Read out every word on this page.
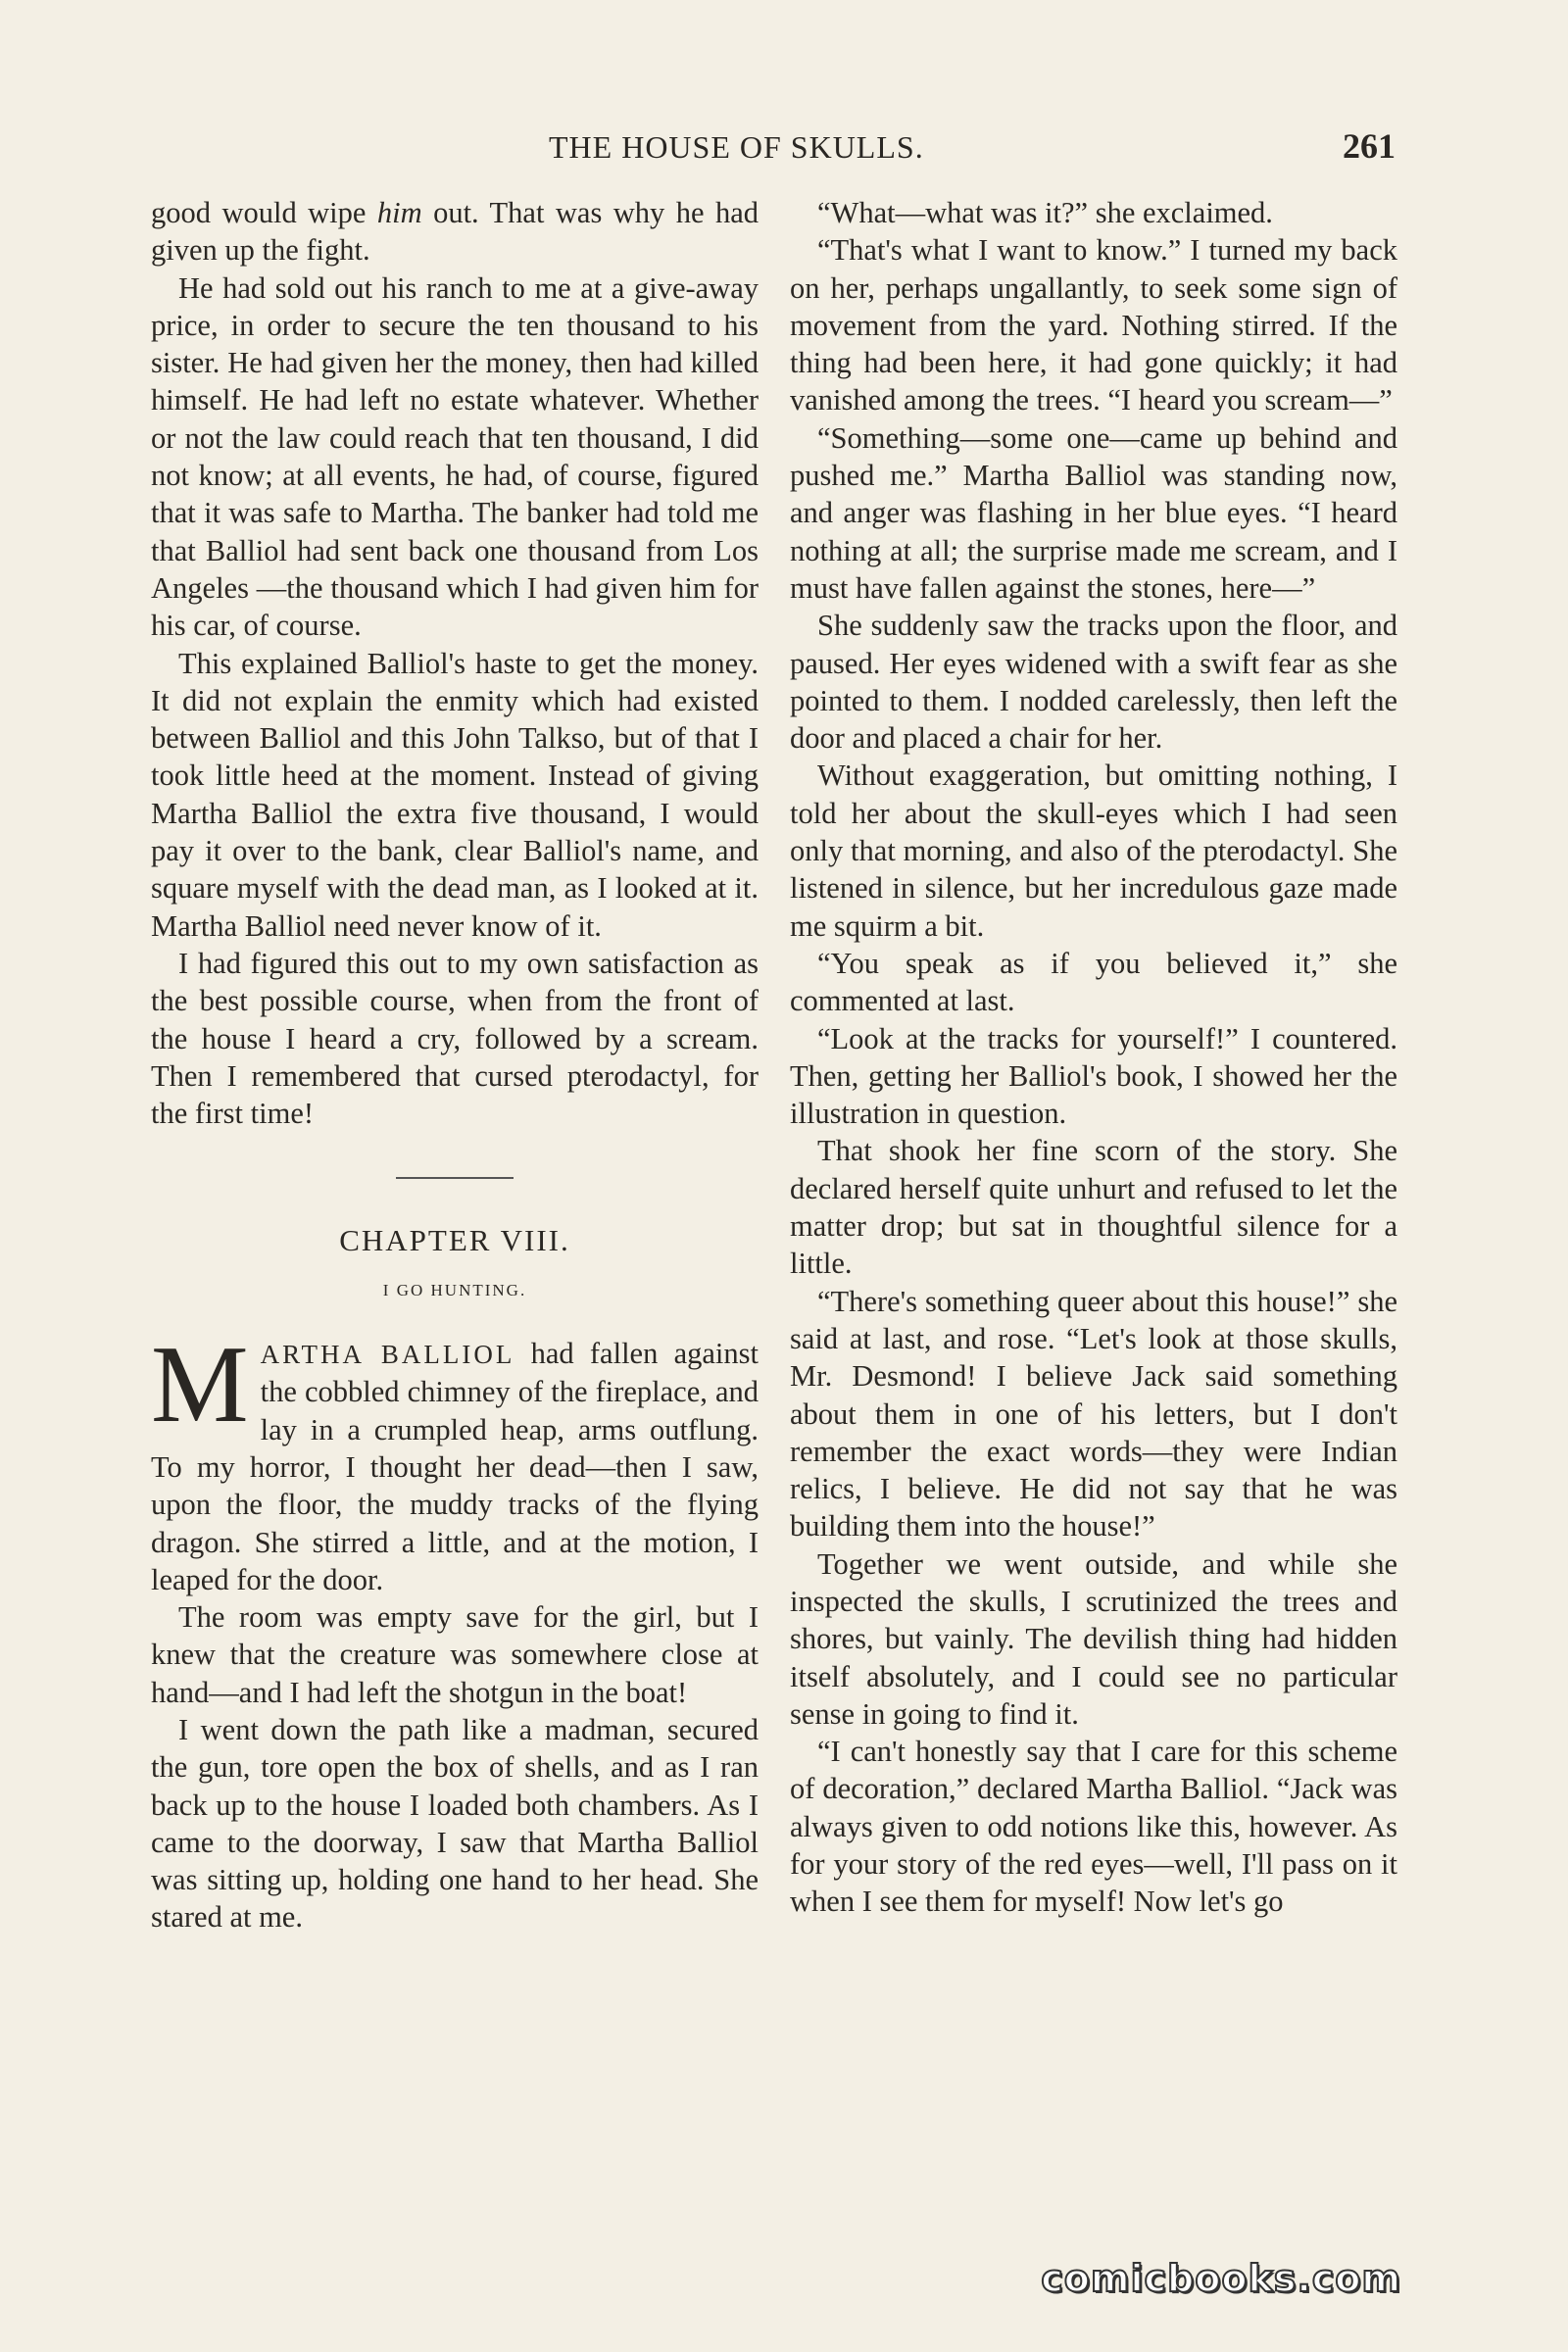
THE HOUSE OF SKULLS.	261

good would wipe him out. That was why he had given up the fight.

He had sold out his ranch to me at a give-away price, in order to secure the ten thousand to his sister. He had given her the money, then had killed himself. He had left no estate whatever. Whether or not the law could reach that ten thousand, I did not know; at all events, he had, of course, figured that it was safe to Martha. The banker had told me that Balliol had sent back one thousand from Los Angeles —the thousand which I had given him for his car, of course.

This explained Balliol's haste to get the money. It did not explain the enmity which had existed between Balliol and this John Talkso, but of that I took little heed at the moment. Instead of giving Martha Balliol the extra five thousand, I would pay it over to the bank, clear Balliol's name, and square myself with the dead man, as I looked at it. Martha Balliol need never know of it.

I had figured this out to my own satisfaction as the best possible course, when from the front of the house I heard a cry, followed by a scream. Then I remembered that cursed pterodactyl, for the first time!

CHAPTER VIII.
I GO HUNTING.

MARTHA BALLIOL had fallen against the cobbled chimney of the fireplace, and lay in a crumpled heap, arms outflung. To my horror, I thought her dead—then I saw, upon the floor, the muddy tracks of the flying dragon. She stirred a little, and at the motion, I leaped for the door.

The room was empty save for the girl, but I knew that the creature was somewhere close at hand—and I had left the shotgun in the boat!

I went down the path like a madman, secured the gun, tore open the box of shells, and as I ran back up to the house I loaded both chambers. As I came to the doorway, I saw that Martha Balliol was sitting up, holding one hand to her head. She stared at me.

“What—what was it?” she exclaimed.

“That's what I want to know.” I turned my back on her, perhaps ungallantly, to seek some sign of movement from the yard. Nothing stirred. If the thing had been here, it had gone quickly; it had vanished among the trees. “I heard you scream—”

“Something—some one—came up behind and pushed me.” Martha Balliol was standing now, and anger was flashing in her blue eyes. “I heard nothing at all; the surprise made me scream, and I must have fallen against the stones, here—”

She suddenly saw the tracks upon the floor, and paused. Her eyes widened with a swift fear as she pointed to them. I nodded carelessly, then left the door and placed a chair for her.

Without exaggeration, but omitting nothing, I told her about the skull-eyes which I had seen only that morning, and also of the pterodactyl. She listened in silence, but her incredulous gaze made me squirm a bit.

“You speak as if you believed it,” she commented at last.

“Look at the tracks for yourself!” I countered. Then, getting her Balliol's book, I showed her the illustration in question.

That shook her fine scorn of the story. She declared herself quite unhurt and refused to let the matter drop; but sat in thoughtful silence for a little.

“There's something queer about this house!” she said at last, and rose. “Let's look at those skulls, Mr. Desmond! I believe Jack said something about them in one of his letters, but I don't remember the exact words—they were Indian relics, I believe. He did not say that he was building them into the house!”

Together we went outside, and while she inspected the skulls, I scrutinized the trees and shores, but vainly. The devilish thing had hidden itself absolutely, and I could see no particular sense in going to find it.

“I can't honestly say that I care for this scheme of decoration,” declared Martha Balliol. “Jack was always given to odd notions like this, however. As for your story of the red eyes—well, I'll pass on it when I see them for myself! Now let's go

comicbooks.com
